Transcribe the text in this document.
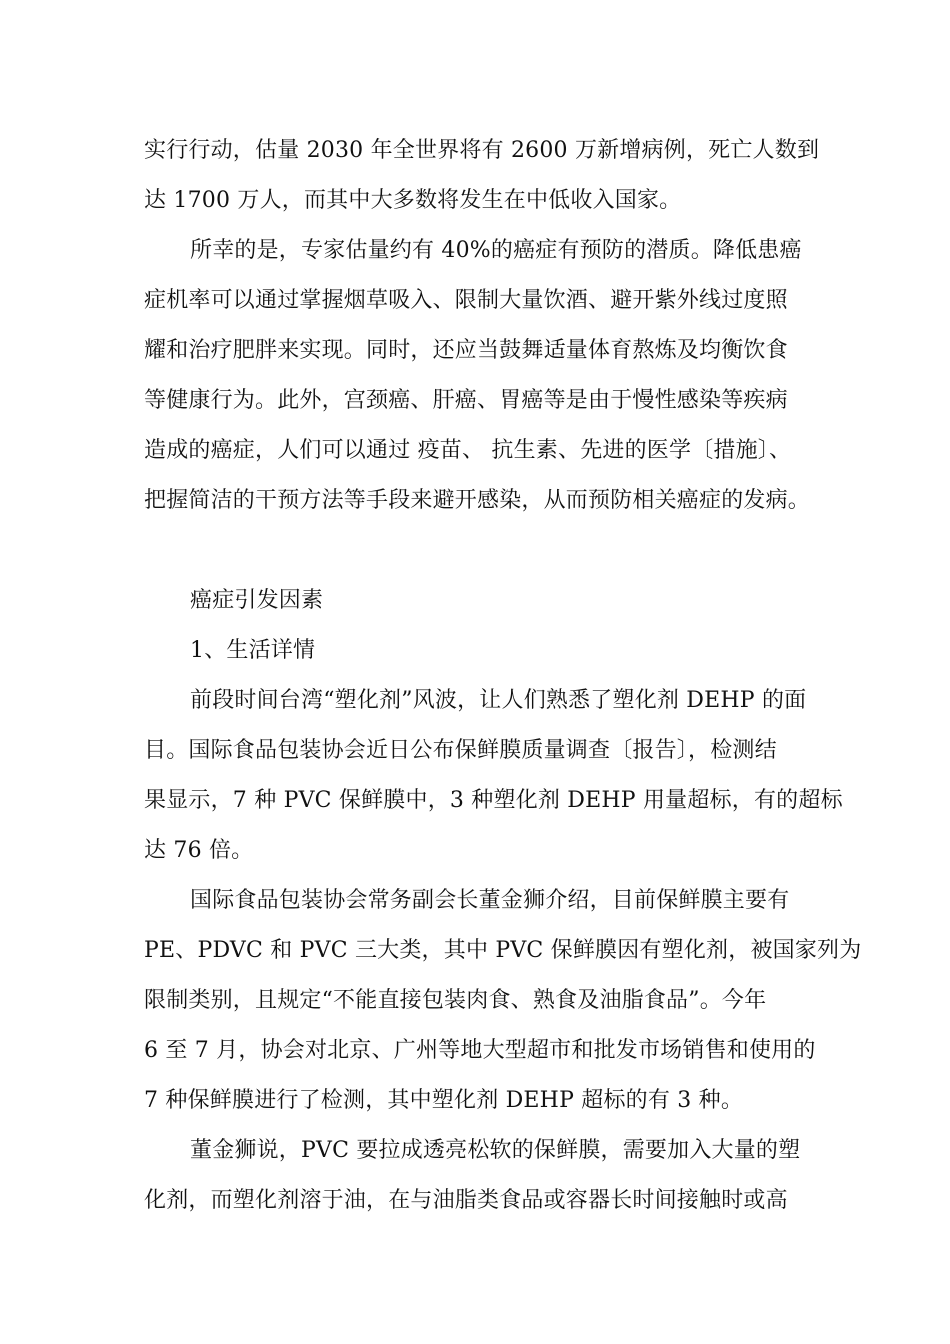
实行行动，估量 2030 年全世界将有 2600 万新增病例，死亡人数到
达 1700 万人，而其中大多数将发生在中低收入国家。
所幸的是，专家估量约有 40%的癌症有预防的潜质。降低患癌
症机率可以通过掌握烟草吸入、限制大量饮酒、避开紫外线过度照
耀和治疗肥胖来实现。同时，还应当鼓舞适量体育熬炼及均衡饮食
等健康行为。此外，宫颈癌、肝癌、胃癌等是由于慢性感染等疾病
造成的癌症，人们可以通过 疫苗、 抗生素、先进的医学〔措施〕、
把握简洁的干预方法等手段来避开感染，从而预防相关癌症的发病。
癌症引发因素
1、生活详情
前段时间台湾“塑化剂”风波，让人们熟悉了塑化剂 DEHP 的面
目。国际食品包装协会近日公布保鲜膜质量调查〔报告〕，检测结
果显示，7 种 PVC 保鲜膜中，3 种塑化剂 DEHP 用量超标，有的超标
达 76 倍。
国际食品包装协会常务副会长董金狮介绍，目前保鲜膜主要有
PE、PDVC 和 PVC 三大类，其中 PVC 保鲜膜因有塑化剂，被国家列为
限制类别，且规定“不能直接包装肉食、熟食及油脂食品”。今年
6 至 7 月，协会对北京、广州等地大型超市和批发市场销售和使用的
7 种保鲜膜进行了检测，其中塑化剂 DEHP 超标的有 3 种。
董金狮说，PVC 要拉成透亮松软的保鲜膜，需要加入大量的塑
化剂，而塑化剂溶于油，在与油脂类食品或容器长时间接触时或高
